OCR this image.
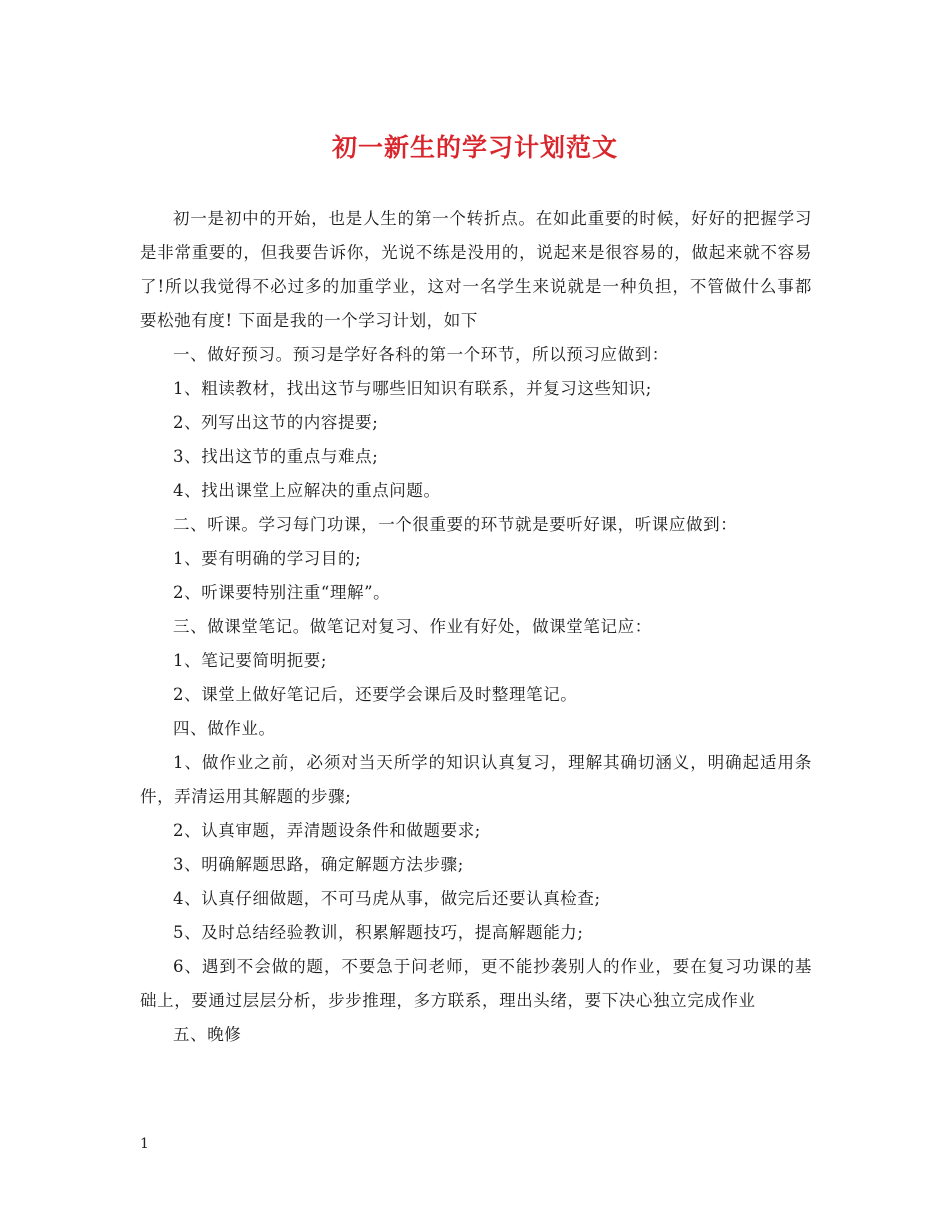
初一新生的学习计划范文

初一是初中的开始，也是人生的第一个转折点。在如此重要的时候，好好的把握学习是非常重要的，但我要告诉你，光说不练是没用的，说起来是很容易的，做起来就不容易了!所以我觉得不必过多的加重学业，这对一名学生来说就是一种负担，不管做什么事都要松弛有度! 下面是我的一个学习计划，如下

一、做好预习。预习是学好各科的第一个环节，所以预习应做到：

1、粗读教材，找出这节与哪些旧知识有联系，并复习这些知识;

2、列写出这节的内容提要;

3、找出这节的重点与难点;

4、找出课堂上应解决的重点问题。

二、听课。学习每门功课，一个很重要的环节就是要听好课，听课应做到：

1、要有明确的学习目的;

2、听课要特别注重“理解”。

三、做课堂笔记。做笔记对复习、作业有好处，做课堂笔记应：

1、笔记要简明扼要;

2、课堂上做好笔记后，还要学会课后及时整理笔记。

四、做作业。

1、做作业之前，必须对当天所学的知识认真复习，理解其确切涵义，明确起适用条件，弄清运用其解题的步骤;

2、认真审题，弄清题设条件和做题要求;

3、明确解题思路，确定解题方法步骤;

4、认真仔细做题，不可马虎从事，做完后还要认真检查;

5、及时总结经验教训，积累解题技巧，提高解题能力;

6、遇到不会做的题，不要急于问老师，更不能抄袭别人的作业，要在复习功课的基础上，要通过层层分析，步步推理，多方联系，理出头绪，要下决心独立完成作业

五、晚修

1
